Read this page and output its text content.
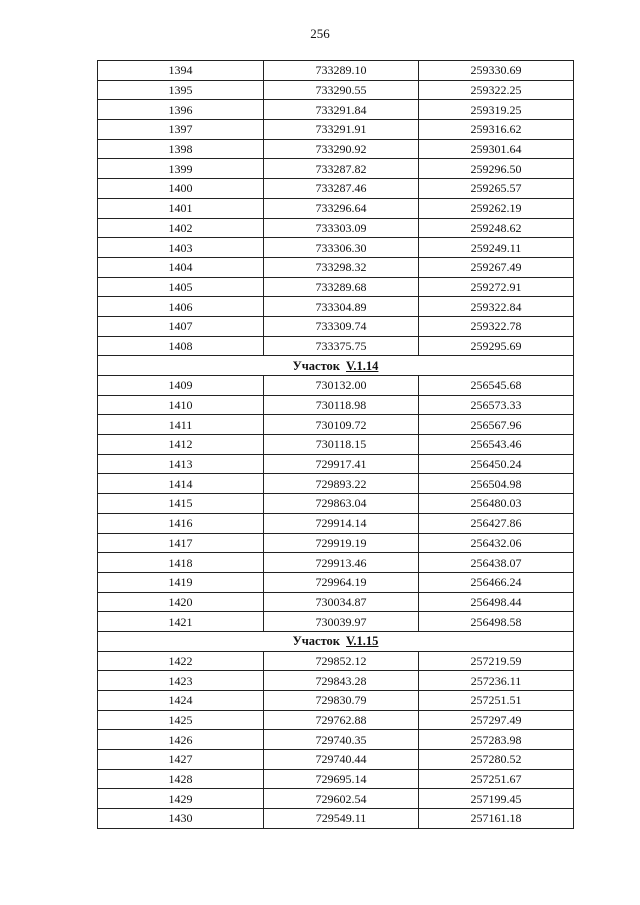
256
1394	733289.10	259330.69
1395	733290.55	259322.25
1396	733291.84	259319.25
1397	733291.91	259316.62
1398	733290.92	259301.64
1399	733287.82	259296.50
1400	733287.46	259265.57
1401	733296.64	259262.19
1402	733303.09	259248.62
1403	733306.30	259249.11
1404	733298.32	259267.49
1405	733289.68	259272.91
1406	733304.89	259322.84
1407	733309.74	259322.78
1408	733375.75	259295.69
Участок V.1.14		
1409	730132.00	256545.68
1410	730118.98	256573.33
1411	730109.72	256567.96
1412	730118.15	256543.46
1413	729917.41	256450.24
1414	729893.22	256504.98
1415	729863.04	256480.03
1416	729914.14	256427.86
1417	729919.19	256432.06
1418	729913.46	256438.07
1419	729964.19	256466.24
1420	730034.87	256498.44
1421	730039.97	256498.58
Участок V.1.15		
1422	729852.12	257219.59
1423	729843.28	257236.11
1424	729830.79	257251.51
1425	729762.88	257297.49
1426	729740.35	257283.98
1427	729740.44	257280.52
1428	729695.14	257251.67
1429	729602.54	257199.45
1430	729549.11	257161.18
